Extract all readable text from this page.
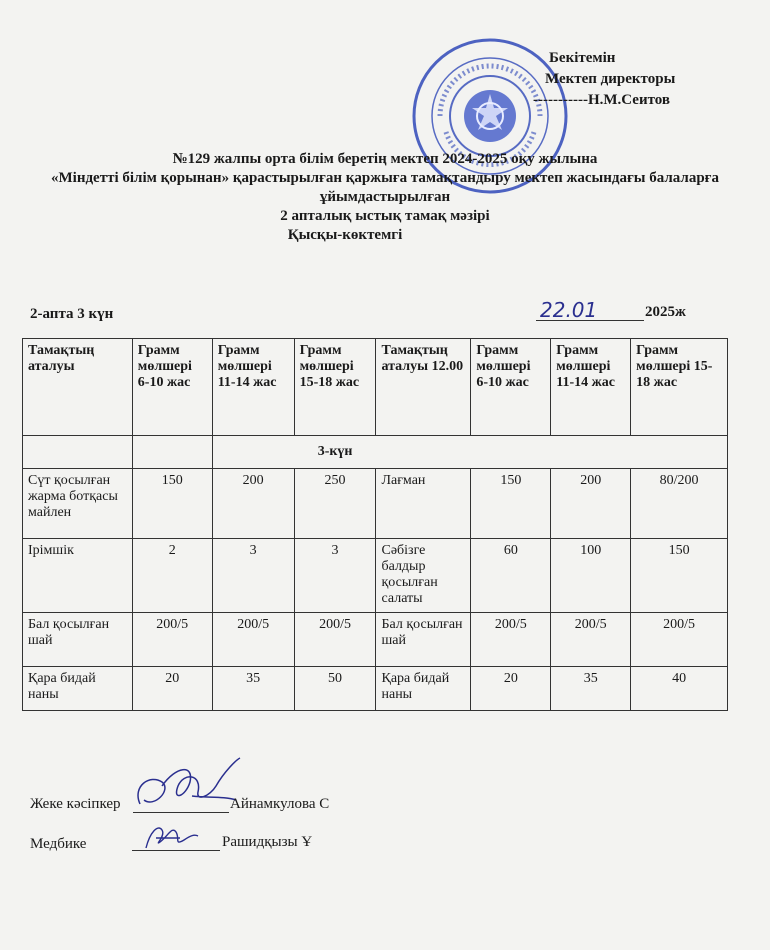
Бекітемін
Мектеп директоры
-----------Н.М.Сеитов
№129 жалпы орта білім беретің мектеп 2024-2025 оқу жылына
«Міндетті білім қорынан» қарастырылған қаржыға тамақтандыру мектеп жасындағы балаларға
ұйымдастырылған
2 апталық ыстық тамақ мәзірі
Қысқы-көктемгі
2-апта 3 күн	22.01	2025ж
Тамақтың аталуы	Грамм мөлшері 6-10 жас	Грамм мөлшері 11-14 жас	Грамм мөлшері 15-18 жас	Тамақтың аталуы 12.00	Грамм мөлшері 6-10 жас	Грамм мөлшері 11-14 жас	Грамм мөлшері 15-18 жас
		3-күн					
Сүт қосылған жарма ботқасы майлен	150	200	250	Лағман	150	200	80/200
Ірімшік	2	3	3	Сәбізге балдыр қосылған салаты	60	100	150
Бал қосылған шай	200/5	200/5	200/5	Бал қосылған шай	200/5	200/5	200/5
Қара бидай наны	20	35	50	Қара бидай наны	20	35	40
Жеке кәсіпкер	Айнамкулова С
Медбике	Рашидқызы Ұ
